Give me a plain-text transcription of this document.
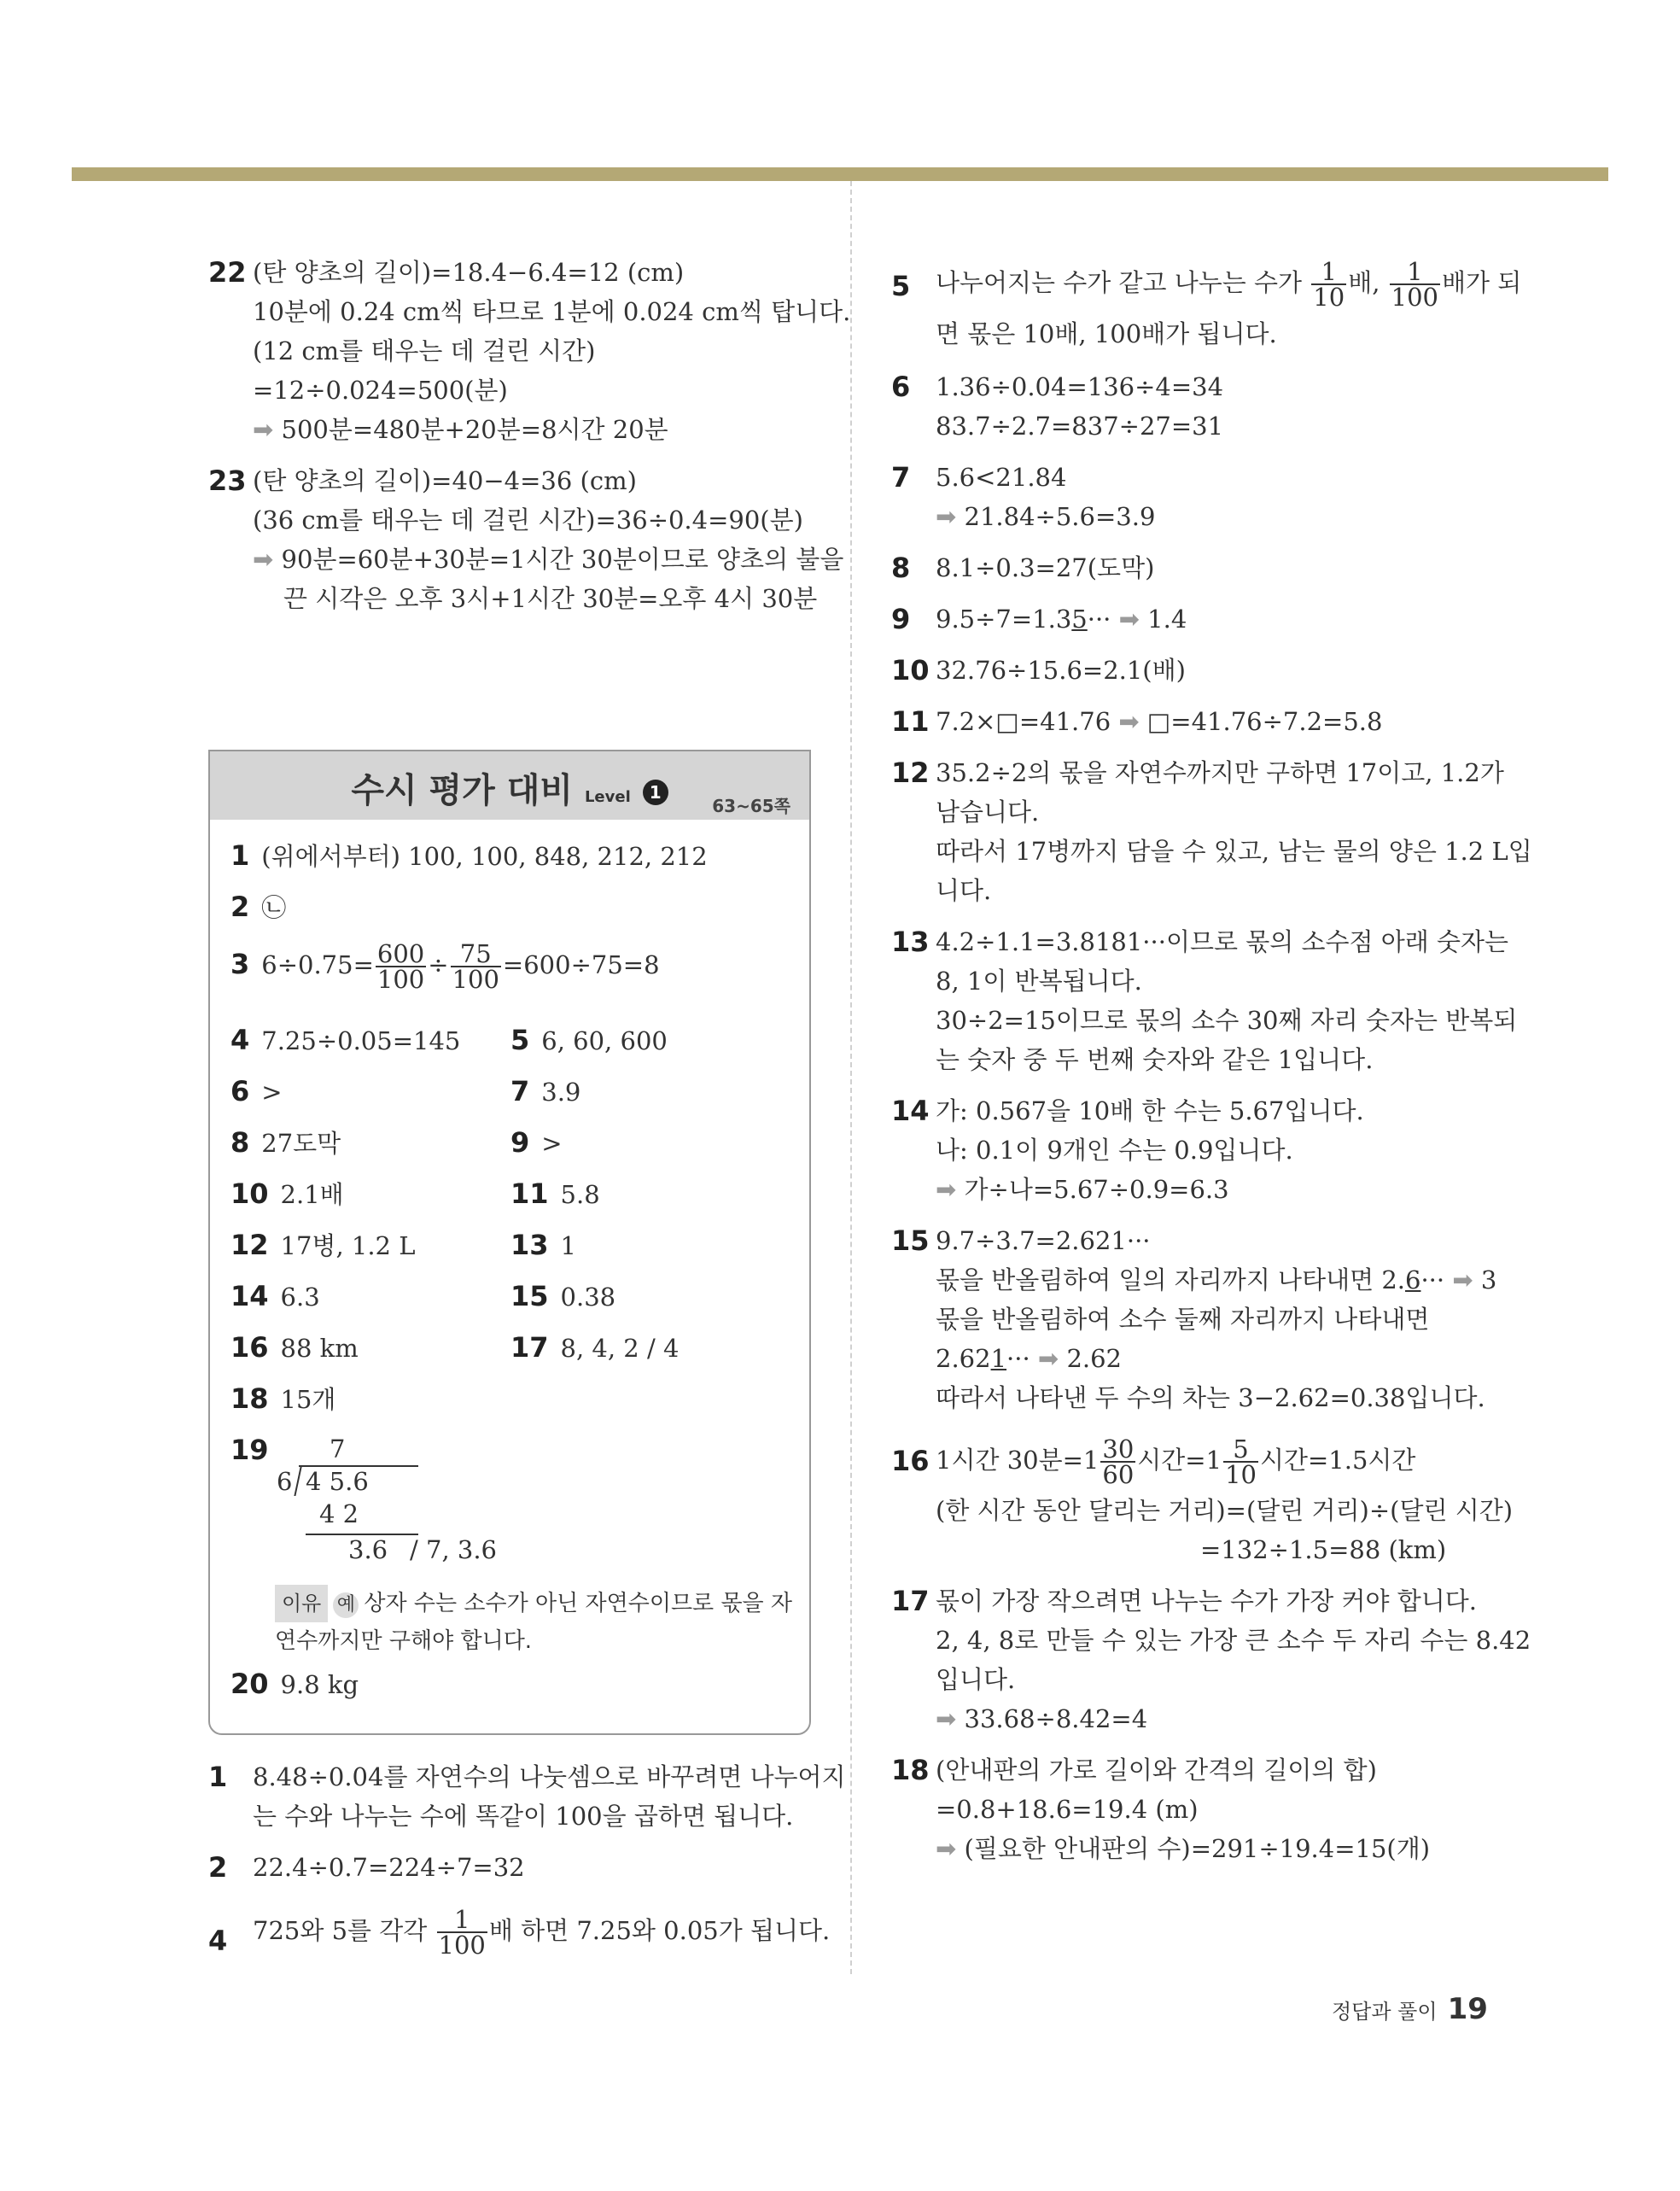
22 (탄 양초의 길이)=18.4−6.4=12 (cm)
10분에 0.24 cm씩 타므로 1분에 0.024 cm씩 탑니다.
(12 cm를 태우는 데 걸린 시간)
=12÷0.024=500(분)
➡ 500분=480분+20분=8시간 20분
23 (탄 양초의 길이)=40−4=36 (cm)
(36 cm를 태우는 데 걸린 시간)=36÷0.4=90(분)
➡ 90분=60분+30분=1시간 30분이므로 양초의 불을
끈 시각은 오후 3시+1시간 30분=오후 4시 30분
수시 평가 대비 Level 1
63~65쪽
1 (위에서부터) 100, 100, 848, 212, 212
2 ㉡
3 $6\div 0.75= \frac{600}{100} \div \frac{75}{100} =600\div 75=8$
4 7.25÷0.05=145 5 6, 60, 600
6 >	7 3.9
8 27도막	9 >
10 2.1배	11 5.8
12 17병, 1.2 L	13 1
14 6.3	15 0.38
16 88 km	17 8, 4, 2 / 4
18 15개
19	7
6 4 5.6
4 2
3.6 / 7, 3.6
이유 예 상자 수는 소수가 아닌 자연수이므로 몫을 자
연수까지만 구해야 합니다.
20 9.8 kg
1 8.48÷0.04를 자연수의 나눗셈으로 바꾸려면 나누어지
는 수와 나누는 수에 똑같이 100을 곱하면 됩니다.
2 22.4÷0.7=224÷7=32
4 725와 5를 각각 $\frac{1}{100}$ 배 하면 7.25와 0.05가 됩니다.
5 나누어지는 수가 같고 나누는 수가 $\frac{1}{10}$ 배, $\frac{1}{100}$ 배가 되
면 몫은 10배, 100배가 됩니다.
6 1.36÷0.04=136÷4=34
83.7÷2.7=837÷27=31
7 5.6<21.84
➡ 21.84÷5.6=3.9
8 8.1÷0.3=27(도막)
9 9.5÷7=1.35··· ➡ 1.4
10 32.76÷15.6=2.1(배)
11 7.2×□=41.76 ➡ □=41.76÷7.2=5.8
12 35.2÷2의 몫을 자연수까지만 구하면 17이고, 1.2가
남습니다.
따라서 17병까지 담을 수 있고, 남는 물의 양은 1.2 L입
니다.
13 4.2÷1.1=3.8181···이므로 몫의 소수점 아래 숫자는
8, 1이 반복됩니다.
30÷2=15이므로 몫의 소수 30째 자리 숫자는 반복되
는 숫자 중 두 번째 숫자와 같은 1입니다.
14 가: 0.567을 10배 한 수는 5.67입니다.
나: 0.1이 9개인 수는 0.9입니다.
➡ 가÷나=5.67÷0.9=6.3
15 9.7÷3.7=2.621···
몫을 반올림하여 일의 자리까지 나타내면 2.6··· ➡ 3
몫을 반올림하여 소수 둘째 자리까지 나타내면
2.621··· ➡ 2.62
따라서 나타낸 두 수의 차는 3−2.62=0.38입니다.
16 1시간 30분$=1 \frac{30}{60}$ 시간$=1 \frac{5}{10}$ 시간=1.5시간
(한 시간 동안 달리는 거리)=(달린 거리)÷(달린 시간)
=132÷1.5=88 (km)
17 몫이 가장 작으려면 나누는 수가 가장 커야 합니다.
2, 4, 8로 만들 수 있는 가장 큰 소수 두 자리 수는 8.42
입니다.
➡ 33.68÷8.42=4
18 (안내판의 가로 길이와 간격의 길이의 합)
=0.8+18.6=19.4 (m)
➡ (필요한 안내판의 수)=291÷19.4=15(개)
정답과 풀이 19
